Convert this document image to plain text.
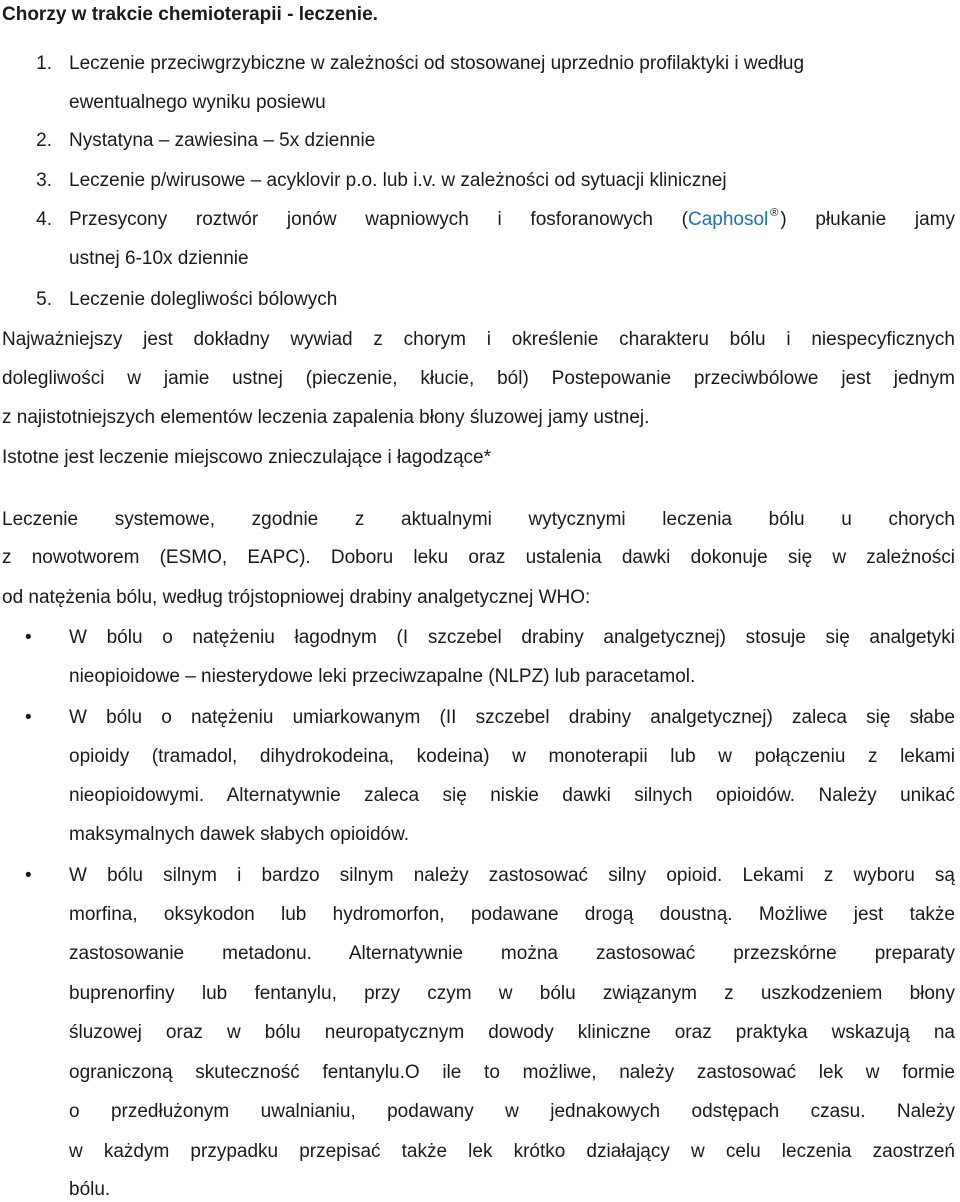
Chorzy w trakcie chemioterapii - leczenie.
1. Leczenie przeciwgrzybiczne w zależności od stosowanej uprzednio profilaktyki i według
ewentualnego wyniku posiewu
2. Nystatyna – zawiesina – 5x dziennie
3. Leczenie p/wirusowe – acyklovir p.o. lub i.v. w zależności od sytuacji klinicznej
4. Przesycony roztwór jonów wapniowych i fosforanowych (Caphosol ® ) płukanie jamy
ustnej 6-10x dziennie
5. Leczenie dolegliwości bólowych
Najważniejszy jest dokładny wywiad z chorym i określenie charakteru bólu i niespecyficznych
dolegliwości w jamie ustnej (pieczenie, kłucie, ból) Postepowanie przeciwbólowe jest jednym
z najistotniejszych elementów leczenia zapalenia błony śluzowej jamy ustnej.
Istotne jest leczenie miejscowo znieczulające i łagodzące*
Leczenie systemowe, zgodnie z aktualnymi wytycznymi leczenia bólu u chorych
z nowotworem (ESMO, EAPC). Doboru leku oraz ustalenia dawki dokonuje się w zależności
od natężenia bólu, według trójstopniowej drabiny analgetycznej WHO:
• W bólu o natężeniu łagodnym (I szczebel drabiny analgetycznej) stosuje się analgetyki
nieopioidowe – niesterydowe leki przeciwzapalne (NLPZ) lub paracetamol.
• W bólu o natężeniu umiarkowanym (II szczebel drabiny analgetycznej) zaleca się słabe
opioidy (tramadol, dihydrokodeina, kodeina) w monoterapii lub w połączeniu z lekami
nieopioidowymi. Alternatywnie zaleca się niskie dawki silnych opioidów. Należy unikać
maksymalnych dawek słabych opioidów.
• W bólu silnym i bardzo silnym należy zastosować silny opioid. Lekami z wyboru są
morfina, oksykodon lub hydromorfon, podawane drogą doustną. Możliwe jest także
zastosowanie metadonu. Alternatywnie można zastosować przezskórne preparaty
buprenorfiny lub fentanylu, przy czym w bólu związanym z uszkodzeniem błony
śluzowej oraz w bólu neuropatycznym dowody kliniczne oraz praktyka wskazują na
ograniczoną skuteczność fentanylu.O ile to możliwe, należy zastosować lek w formie
o przedłużonym uwalnianiu, podawany w jednakowych odstępach czasu. Należy
w każdym przypadku przepisać także lek krótko działający w celu leczenia zaostrzeń
bólu.
